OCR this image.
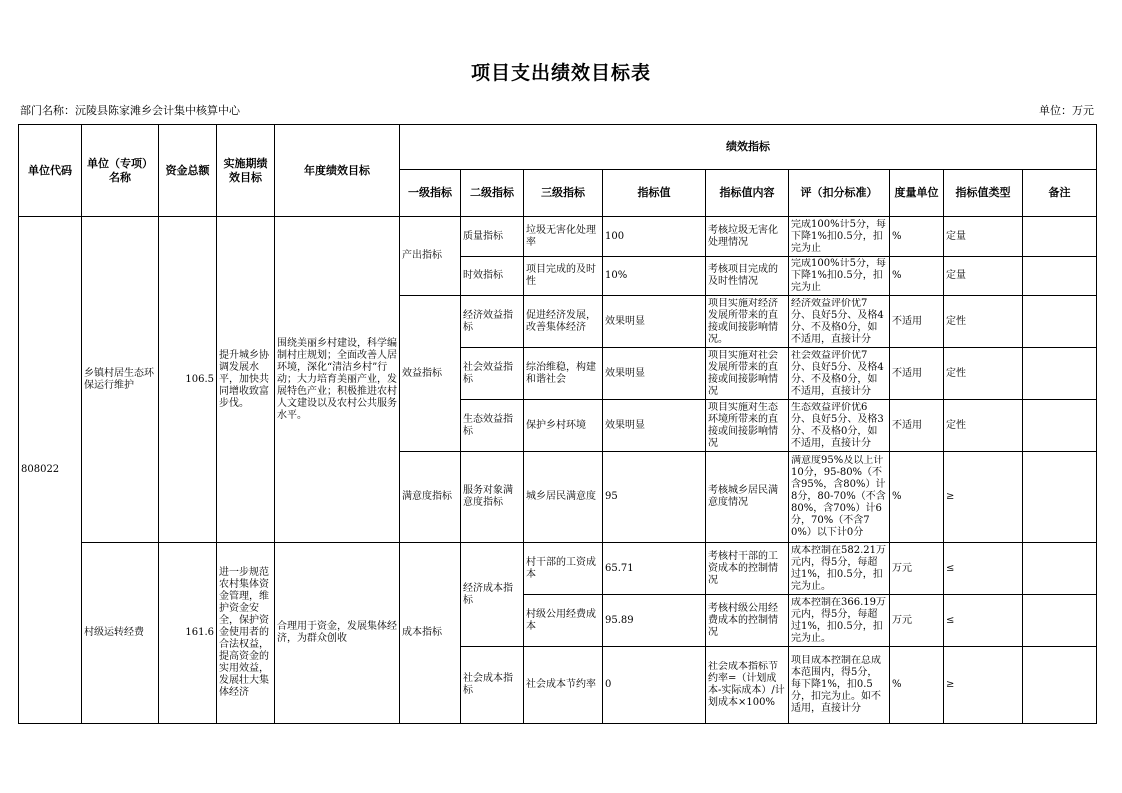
项目支出绩效目标表
部门名称：沅陵县陈家滩乡会计集中核算中心	单位：万元
单位代码	单位（专项）名称	资金总额	实施期绩效目标	年度绩效目标	绩效指标								
					一级指标	二级指标	三级指标	指标值	指标值内容	评（扣分标准）	度量单位	指标值类型	备注
808022	乡镇村居生态环保运行维护	106.5	提升城乡协调发展水平，加快共同增收致富步伐。	围绕美丽乡村建设，科学编制村庄规划；全面改善人居环境，深化“清洁乡村”行动；大力培育美丽产业，发展特色产业；积极推进农村人文建设以及农村公共服务水平。	产出指标	质量指标	垃圾无害化处理率	100	考核垃圾无害化处理情况	完成100%计5分，每下降1%扣0.5分，扣完为止	%	定量	
						时效指标	项目完成的及时性	10%	考核项目完成的及时性情况	完成100%计5分，每下降1%扣0.5分，扣完为止	%	定量	
					效益指标	经济效益指标	促进经济发展，改善集体经济	效果明显	项目实施对经济发展所带来的直接或间接影响情况。	经济效益评价优7分、良好5分、及格4分、不及格0分，如不适用，直接计分	不适用	定性	
						社会效益指标	综治维稳，构建和谐社会	效果明显	项目实施对社会发展所带来的直接或间接影响情况	社会效益评价优7分、良好5分、及格4分、不及格0分，如不适用，直接计分	不适用	定性	
						生态效益指标	保护乡村环境	效果明显	项目实施对生态环境所带来的直接或间接影响情况	生态效益评价优6分、良好5分、及格3分、不及格0分，如不适用，直接计分	不适用	定性	
					满意度指标	服务对象满意度指标	城乡居民满意度	95	考核城乡居民满意度情况	满意度95%及以上计10分，95-80%（不含95%，含80%）计8分，80-70%（不含80%，含70%）计6分，70%（不含70%）以下计0分	%	≥	
	村级运转经费	161.6	进一步规范农村集体资金管理，维护资金安全，保护资金使用者的合法权益，提高资金的实用效益，发展壮大集体经济	合理用于资金，发展集体经济，为群众创收	成本指标	经济成本指标	村干部的工资成本	65.71	考核村干部的工资成本的控制情况	成本控制在582.21万元内，得5分，每超过1%，扣0.5分，扣完为止。	万元	≤	
							村级公用经费成本	95.89	考核村级公用经费成本的控制情况	成本控制在366.19万元内，得5分，每超过1%，扣0.5分，扣完为止。	万元	≤	
						社会成本指标	社会成本节约率	0	社会成本指标节约率=（计划成本-实际成本）/计划成本×100%	项目成本控制在总成本范围内，得5分，每下降1%，扣0.5分，扣完为止。如不适用，直接计分	%	≥	
